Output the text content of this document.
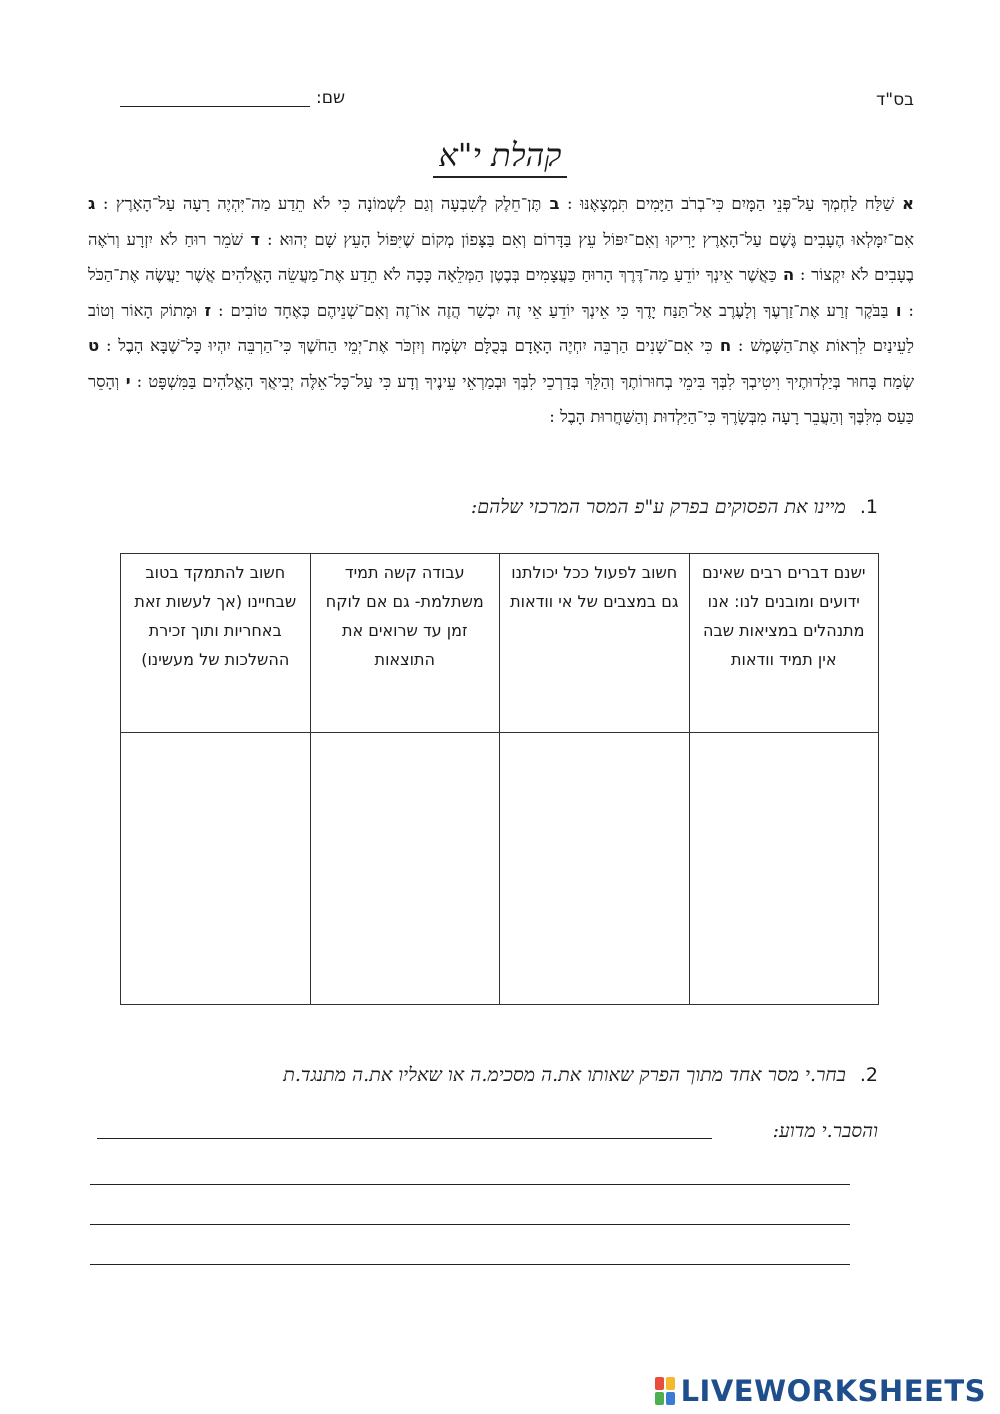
בס"ד
שם:
קהלת י"א
א שַׁלַּח לַחְמְךָ עַל־פְּנֵי הַמָּיִם כִּי־בְרֹב הַיָּמִים תִּמְצָאֶנּוּ : ב תֶּן־חֵלֶק לְשִׁבְעָה וְגַם לִשְׁמוֹנָה כִּי לֹא תֵדַע מַה־יִּהְיֶה רָעָה עַל־הָאָרֶץ : ג אִם־יִמָּלְאוּ הֶעָבִים גֶּשֶׁם עַל־הָאָרֶץ יָרִיקוּ וְאִם־יִפּוֹל עֵץ בַּדָּרוֹם וְאִם בַּצָּפוֹן מְקוֹם שֶׁיִּפּוֹל הָעֵץ שָׁם יְהוּא : ד שֹׁמֵר רוּחַ לֹא יִזְרָע וְרֹאֶה בֶעָבִים לֹא יִקְצוֹר : ה כַּאֲשֶׁר אֵינְךָ יוֹדֵעַ מַה־דֶּרֶךְ הָרוּחַ כַּעֲצָמִים בְּבֶטֶן הַמְּלֵאָה כָּכָה לֹא תֵדַע אֶת־מַעֲשֵׂה הָאֱלֹהִים אֲשֶׁר יַעֲשֶׂה אֶת־הַכֹּל : ו בַּבֹּקֶר זְרַע אֶת־זַרְעֶךָ וְלָעֶרֶב אַל־תַּנַּח יָדֶךָ כִּי אֵינְךָ יוֹדֵעַ אֵי זֶה יִכְשַׁר הֲזֶה אוֹ־זֶה וְאִם־שְׁנֵיהֶם כְּאֶחָד טוֹבִים : ז וּמָתוֹק הָאוֹר וְטוֹב לַעֵינַיִם לִרְאוֹת אֶת־הַשָּׁמֶשׁ : ח כִּי אִם־שָׁנִים הַרְבֵּה יִחְיֶה הָאָדָם בְּכֻלָּם יִשְׂמָח וְיִזְכֹּר אֶת־יְמֵי הַחֹשֶׁךְ כִּי־הַרְבֵּה יִהְיוּ כָּל־שֶׁבָּא הָבֶל : ט שְׂמַח בָּחוּר בְּיַלְדוּתֶיךָ וִיטִיבְךָ לִבְּךָ בִּימֵי בְחוּרוֹתֶךָ וְהַלֵּךְ בְּדַרְכֵי לִבְּךָ וּבְמַרְאֵי עֵינֶיךָ וְדָע כִּי עַל־כָּל־אֵלֶּה יְבִיאֲךָ הָאֱלֹהִים בַּמִּשְׁפָּט : י וְהָסֵר כַּעַס מִלִּבֶּךָ וְהַעֲבֵר רָעָה מִבְּשָׂרֶךָ כִּי־הַיַּלְדוּת וְהַשַּׁחֲרוּת הָבֶל :
1. מיינו את הפסוקים בפרק ע"פ המסר המרכזי שלהם:
ישנם דברים רבים שאינם ידועים ומובנים לנו: אנו מתנהלים במציאות שבה אין תמיד וודאות	חשוב לפעול ככל יכולתנו גם במצבים של אי וודאות	עבודה קשה תמיד משתלמת- גם אם לוקח זמן עד שרואים את התוצאות	חשוב להתמקד בטוב שבחיינו (אך לעשות זאת באחריות ותוך זכירת ההשלכות של מעשינו)

2. בחר.י מסר אחד מתוך הפרק שאותו את.ה מסכימ.ה או שאליו את.ה מתנגד.ת
והסבר.י מדוע:
LIVEWORKSHEETS
